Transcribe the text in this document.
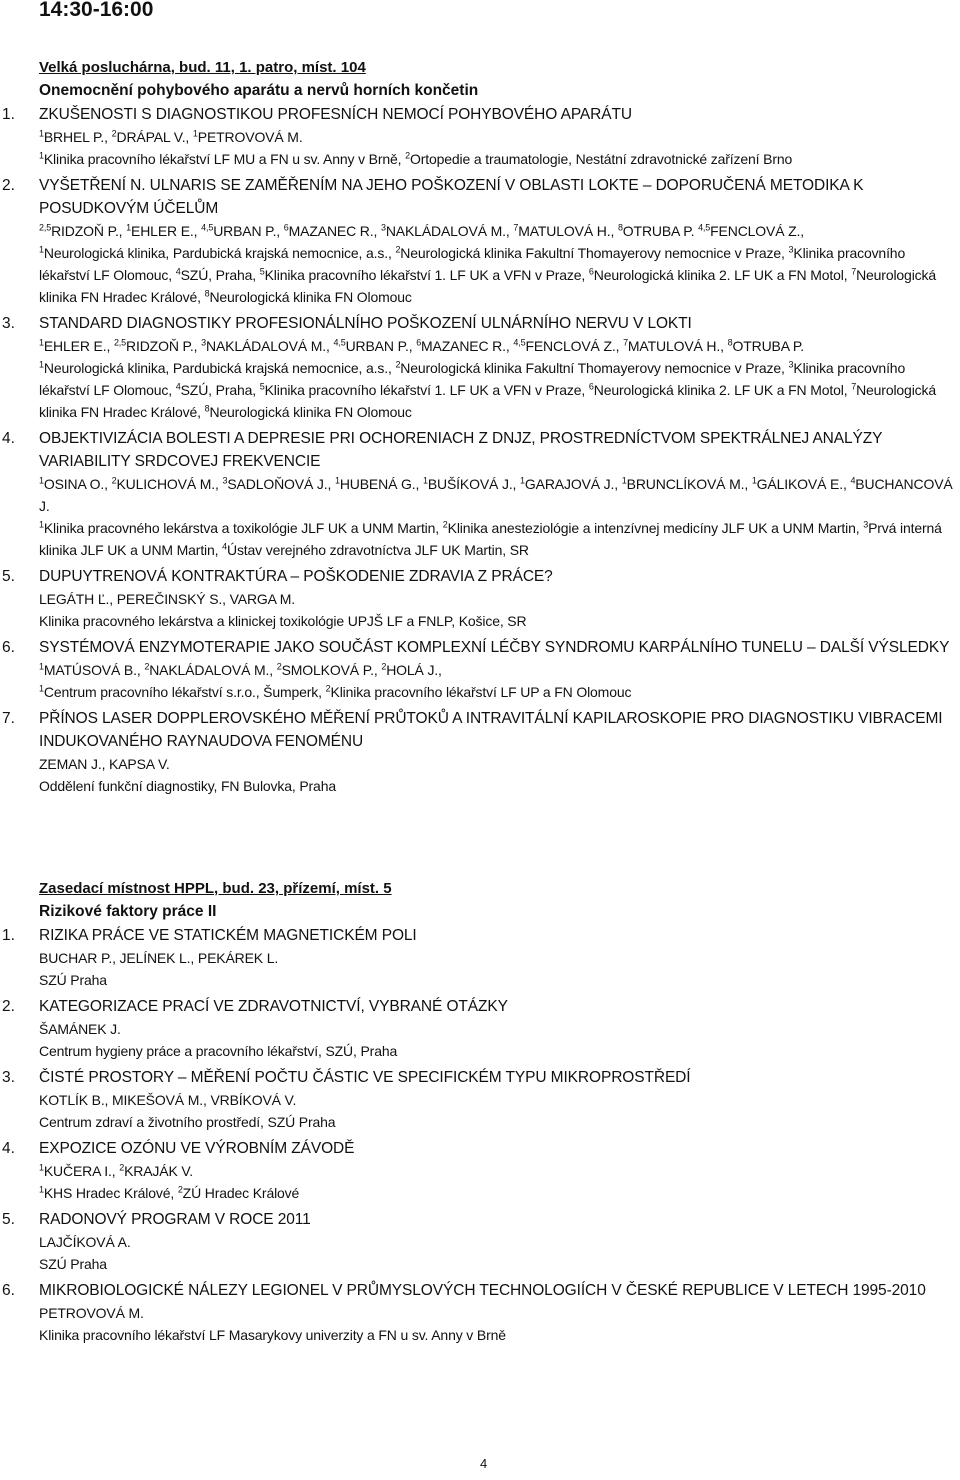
14:30-16:00
Velká posluchárna, bud. 11, 1. patro, míst. 104
Onemocnění pohybového aparátu a nervů horních končetin
1. ZKUŠENOSTI S DIAGNOSTIKOU PROFESNÍCH NEMOCÍ POHYBOVÉHO APARÁTU
$^1$BRHEL P., $^2$DRÁPAL V., $^1$PETROVOVÁ M.
$^1$Klinika pracovního lékařství LF MU a FN u sv. Anny v Brně, $^2$Ortopedie a traumatologie, Nestátní zdravotnické zařízení Brno
2. VYŠETŘENÍ N. ULNARIS SE ZAMĚŘENÍM NA JEHO POŠKOZENÍ V OBLASTI LOKTE – DOPORUČENÁ METODIKA K POSUDKOVÝM ÚČELŮM
$^{2,5}$RIDZOŇ P., $^1$EHLER E., $^{4,5}$URBAN P., $^6$MAZANEC R., $^3$NAKLÁDALOVÁ M., $^7$MATULOVÁ H., $^8$OTRUBA P. $^{4,5}$FENCLOVÁ Z.,
$^1$Neurologická klinika, Pardubická krajská nemocnice, a.s., $^2$Neurologická klinika Fakultní Thomayerovy nemocnice v Praze, $^3$Klinika pracovního lékařství LF Olomouc, $^4$SZÚ, Praha, $^5$Klinika pracovního lékařství 1. LF UK a VFN v Praze, $^6$Neurologická klinika 2. LF UK a FN Motol, $^7$Neurologická klinika FN Hradec Králové, $^8$Neurologická klinika FN Olomouc
3. STANDARD DIAGNOSTIKY PROFESIONÁLNÍHO POŠKOZENÍ ULNÁRNÍHO NERVU V LOKTI
$^1$EHLER E., $^{2,5}$RIDZOŇ P., $^3$NAKLÁDALOVÁ M., $^{4,5}$URBAN P., $^6$MAZANEC R., $^{4,5}$FENCLOVÁ Z., $^7$MATULOVÁ H., $^8$OTRUBA P.
$^1$Neurologická klinika, Pardubická krajská nemocnice, a.s., $^2$Neurologická klinika Fakultní Thomayerovy nemocnice v Praze, $^3$Klinika pracovního lékařství LF Olomouc, $^4$SZÚ, Praha, $^5$Klinika pracovního lékařství 1. LF UK a VFN v Praze, $^6$Neurologická klinika 2. LF UK a FN Motol, $^7$Neurologická klinika FN Hradec Králové, $^8$Neurologická klinika FN Olomouc
4. OBJEKTIVIZÁCIA BOLESTI A DEPRESIE PRI OCHORENIACH Z DNJZ, PROSTREDNÍCTVOM SPEKTRÁLNEJ ANALÝZY VARIABILITY SRDCOVEJ FREKVENCIE
$^1$OSINA O., $^2$KULICHOVÁ M., $^3$SADLOŇOVÁ J., $^1$HUBENÁ G., $^1$BUŠÍKOVÁ J., $^1$GARAJOVÁ J., $^1$BRUNCLÍKOVÁ M., $^1$GÁLIKOVÁ E., $^4$BUCHANCOVÁ J.
$^1$Klinika pracovného lekárstva a toxikológie JLF UK a UNM Martin, $^2$Klinika anesteziológie a intenzívnej medicíny JLF UK a UNM Martin, $^3$Prvá interná klinika JLF UK a UNM Martin, $^4$Ústav verejného zdravotníctva JLF UK Martin, SR
5. DUPUYTRENOVÁ KONTRAKTÚRA – POŠKODENIE ZDRAVIA Z PRÁCE?
LEGÁTH Ľ., PEREČINSKÝ S., VARGA M.
Klinika pracovného lekárstva a klinickej toxikológie UPJŠ LF a FNLP, Košice, SR
6. SYSTÉMOVÁ ENZYMOTERAPIE JAKO SOUČÁST KOMPLEXNÍ LÉČBY SYNDROMU KARPÁLNÍHO TUNELU – DALŠÍ VÝSLEDKY
$^1$MATÚSOVÁ B., $^2$NAKLÁDALOVÁ M., $^2$SMOLKOVÁ P., $^2$HOLÁ J.,
$^1$Centrum pracovního lékařství s.r.o., Šumperk, $^2$Klinika pracovního lékařství LF UP a FN Olomouc
7. PŘÍNOS LASER DOPPLEROVSKÉHO MĚŘENÍ PRŮTOKŮ A INTRAVITÁLNÍ KAPILAROSKOPIE PRO DIAGNOSTIKU VIBRACEMI INDUKOVANÉHO RAYNAUDOVA FENOMÉNU
ZEMAN J., KAPSA V.
Oddělení funkční diagnostiky, FN Bulovka, Praha
Zasedací místnost HPPL, bud. 23, přízemí, míst. 5
Rizikové faktory práce II
1. RIZIKA PRÁCE VE STATICKÉM MAGNETICKÉM POLI
BUCHAR P., JELÍNEK L., PEKÁREK L.
SZÚ Praha
2. KATEGORIZACE PRACÍ VE ZDRAVOTNICTVÍ, VYBRANÉ OTÁZKY
ŠAMÁNEK J.
Centrum hygieny práce a pracovního lékařství, SZÚ, Praha
3. ČISTÉ PROSTORY – MĚŘENÍ POČTU ČÁSTIC VE SPECIFICKÉM TYPU MIKROPROSTŘEDÍ
KOTLÍK B., MIKEŠOVÁ M., VRBÍKOVÁ V.
Centrum zdraví a životního prostředí, SZÚ Praha
4. EXPOZICE OZÓNU VE VÝROBNÍM ZÁVODĚ
$^1$KUČERA I., $^2$KRAJÁK V.
$^1$KHS Hradec Králové, $^2$ZÚ Hradec Králové
5. RADONOVÝ PROGRAM V ROCE 2011
LAJČÍKOVÁ A.
SZÚ Praha
6. MIKROBIOLOGICKÉ NÁLEZY LEGIONEL V PRŮMYSLOVÝCH TECHNOLOGIÍCH V ČESKÉ REPUBLICE V LETECH 1995-2010
PETROVOVÁ M.
Klinika pracovního lékařství LF Masarykovy univerzity a FN u sv. Anny v Brně
4
